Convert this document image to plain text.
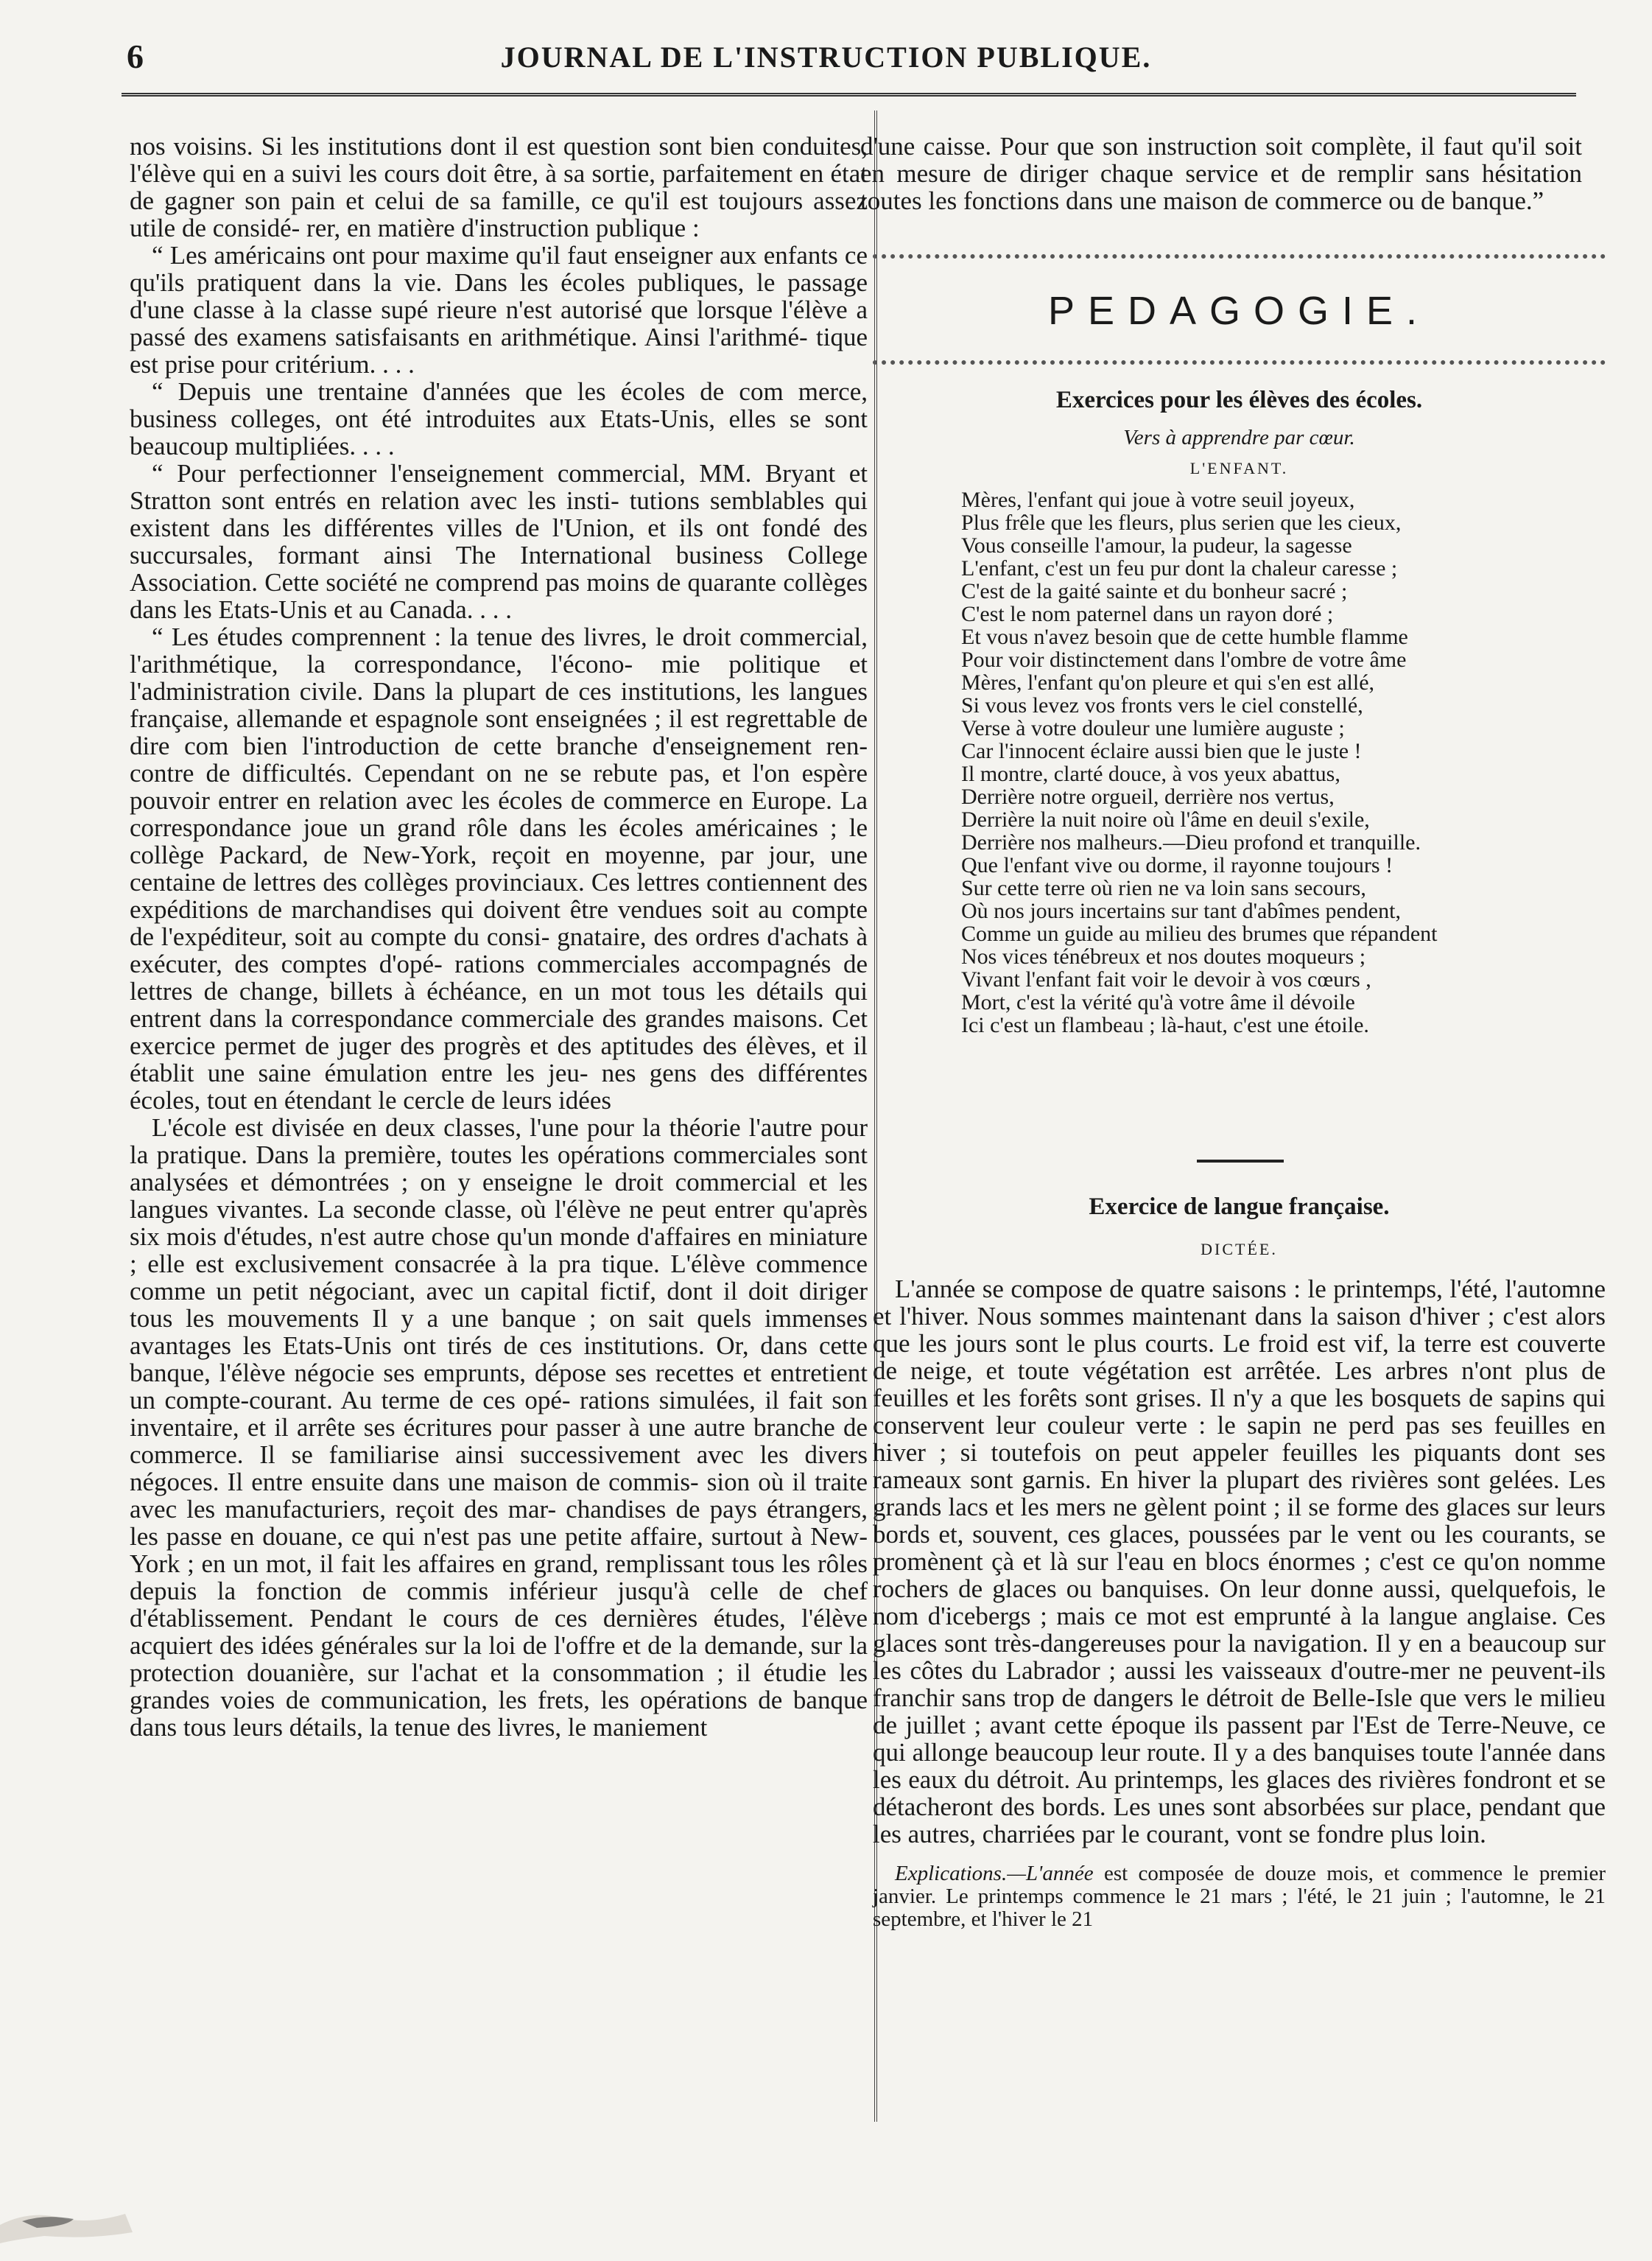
6	JOURNAL DE L'INSTRUCTION PUBLIQUE.

nos voisins. Si les institutions dont il est question sont bien conduites, l'élève qui en a suivi les cours doit être, à sa sortie, parfaitement en état de gagner son pain et celui de sa famille, ce qu'il est toujours assez utile de considé- rer, en matière d'instruction publique :

“ Les américains ont pour maxime qu'il faut enseigner aux enfants ce qu'ils pratiquent dans la vie. Dans les écoles publiques, le passage d'une classe à la classe supé rieure n'est autorisé que lorsque l'élève a passé des examens satisfaisants en arithmétique. Ainsi l'arithmé- tique est prise pour critérium. . . .

“ Depuis une trentaine d'années que les écoles de com merce, business colleges, ont été introduites aux Etats-Unis, elles se sont beaucoup multipliées. . . .

“ Pour perfectionner l'enseignement commercial, MM. Bryant et Stratton sont entrés en relation avec les insti- tutions semblables qui existent dans les différentes villes de l'Union, et ils ont fondé des succursales, formant ainsi The International business College Association. Cette société ne comprend pas moins de quarante collèges dans les Etats-Unis et au Canada. . . .

“ Les études comprennent : la tenue des livres, le droit commercial, l'arithmétique, la correspondance, l'écono- mie politique et l'administration civile. Dans la plupart de ces institutions, les langues française, allemande et espagnole sont enseignées ; il est regrettable de dire com bien l'introduction de cette branche d'enseignement ren- contre de difficultés. Cependant on ne se rebute pas, et l'on espère pouvoir entrer en relation avec les écoles de commerce en Europe. La correspondance joue un grand rôle dans les écoles américaines ; le collège Packard, de New-York, reçoit en moyenne, par jour, une centaine de lettres des collèges provinciaux. Ces lettres contiennent des expéditions de marchandises qui doivent être vendues soit au compte de l'expéditeur, soit au compte du consi- gnataire, des ordres d'achats à exécuter, des comptes d'opé- rations commerciales accompagnés de lettres de change, billets à échéance, en un mot tous les détails qui entrent dans la correspondance commerciale des grandes maisons. Cet exercice permet de juger des progrès et des aptitudes des élèves, et il établit une saine émulation entre les jeu- nes gens des différentes écoles, tout en étendant le cercle de leurs idées

L'école est divisée en deux classes, l'une pour la théorie l'autre pour la pratique. Dans la première, toutes les opérations commerciales sont analysées et démontrées ; on y enseigne le droit commercial et les langues vivantes. La seconde classe, où l'élève ne peut entrer qu'après six mois d'études, n'est autre chose qu'un monde d'affaires en miniature ; elle est exclusivement consacrée à la pra tique. L'élève commence comme un petit négociant, avec un capital fictif, dont il doit diriger tous les mouvements Il y a une banque ; on sait quels immenses avantages les Etats-Unis ont tirés de ces institutions. Or, dans cette banque, l'élève négocie ses emprunts, dépose ses recettes et entretient un compte-courant. Au terme de ces opé- rations simulées, il fait son inventaire, et il arrête ses écritures pour passer à une autre branche de commerce. Il se familiarise ainsi successivement avec les divers négoces. Il entre ensuite dans une maison de commis- sion où il traite avec les manufacturiers, reçoit des mar- chandises de pays étrangers, les passe en douane, ce qui n'est pas une petite affaire, surtout à New-York ; en un mot, il fait les affaires en grand, remplissant tous les rôles depuis la fonction de commis inférieur jusqu'à celle de chef d'établissement. Pendant le cours de ces dernières études, l'élève acquiert des idées générales sur la loi de l'offre et de la demande, sur la protection douanière, sur l'achat et la consommation ; il étudie les grandes voies de communication, les frets, les opérations de banque dans tous leurs détails, la tenue des livres, le maniement

d'une caisse. Pour que son instruction soit complète, il faut qu'il soit en mesure de diriger chaque service et de remplir sans hésitation toutes les fonctions dans une maison de commerce ou de banque.”

PEDAGOGIE.
Exercices pour les élèves des écoles.
Vers à apprendre par cœur.
L'ENFANT.
Mères, l'enfant qui joue à votre seuil joyeux,
Plus frêle que les fleurs, plus serien que les cieux,
Vous conseille l'amour, la pudeur, la sagesse
L'enfant, c'est un feu pur dont la chaleur caresse ;
C'est de la gaité sainte et du bonheur sacré ;
C'est le nom paternel dans un rayon doré ;
Et vous n'avez besoin que de cette humble flamme
Pour voir distinctement dans l'ombre de votre âme
Mères, l'enfant qu'on pleure et qui s'en est allé,
Si vous levez vos fronts vers le ciel constellé,
Verse à votre douleur une lumière auguste ;
Car l'innocent éclaire aussi bien que le juste !
Il montre, clarté douce, à vos yeux abattus,
Derrière notre orgueil, derrière nos vertus,
Derrière la nuit noire où l'âme en deuil s'exile,
Derrière nos malheurs.—Dieu profond et tranquille.
Que l'enfant vive ou dorme, il rayonne toujours !
Sur cette terre où rien ne va loin sans secours,
Où nos jours incertains sur tant d'abîmes pendent,
Comme un guide au milieu des brumes que répandent
Nos vices ténébreux et nos doutes moqueurs ;
Vivant l'enfant fait voir le devoir à vos cœurs ,
Mort, c'est la vérité qu'à votre âme il dévoile
Ici c'est un flambeau ; là-haut, c'est une étoile.
Exercice de langue française.
DICTÉE.

L'année se compose de quatre saisons : le printemps, l'été, l'automne et l'hiver. Nous sommes maintenant dans la saison d'hiver ; c'est alors que les jours sont le plus courts. Le froid est vif, la terre est couverte de neige, et toute végétation est arrêtée. Les arbres n'ont plus de feuilles et les forêts sont grises. Il n'y a que les bosquets de sapins qui conservent leur couleur verte : le sapin ne perd pas ses feuilles en hiver ; si toutefois on peut appeler feuilles les piquants dont ses rameaux sont garnis. En hiver la plupart des rivières sont gelées. Les grands lacs et les mers ne gèlent point ; il se forme des glaces sur leurs bords et, souvent, ces glaces, poussées par le vent ou les courants, se promènent çà et là sur l'eau en blocs énormes ; c'est ce qu'on nomme rochers de glaces ou banquises. On leur donne aussi, quelquefois, le nom d'icebergs ; mais ce mot est emprunté à la langue anglaise. Ces glaces sont très-dangereuses pour la navigation. Il y en a beaucoup sur les côtes du Labrador ; aussi les vaisseaux d'outre-mer ne peuvent-ils franchir sans trop de dangers le détroit de Belle-Isle que vers le milieu de juillet ; avant cette époque ils passent par l'Est de Terre-Neuve, ce qui allonge beaucoup leur route. Il y a des banquises toute l'année dans les eaux du détroit. Au printemps, les glaces des rivières fondront et se détacheront des bords. Les unes sont absorbées sur place, pendant que les autres, charriées par le courant, vont se fondre plus loin.

Explications.—L'année est composée de douze mois, et commence le premier janvier. Le printemps commence le 21 mars ; l'été, le 21 juin ; l'automne, le 21 septembre, et l'hiver le 21
